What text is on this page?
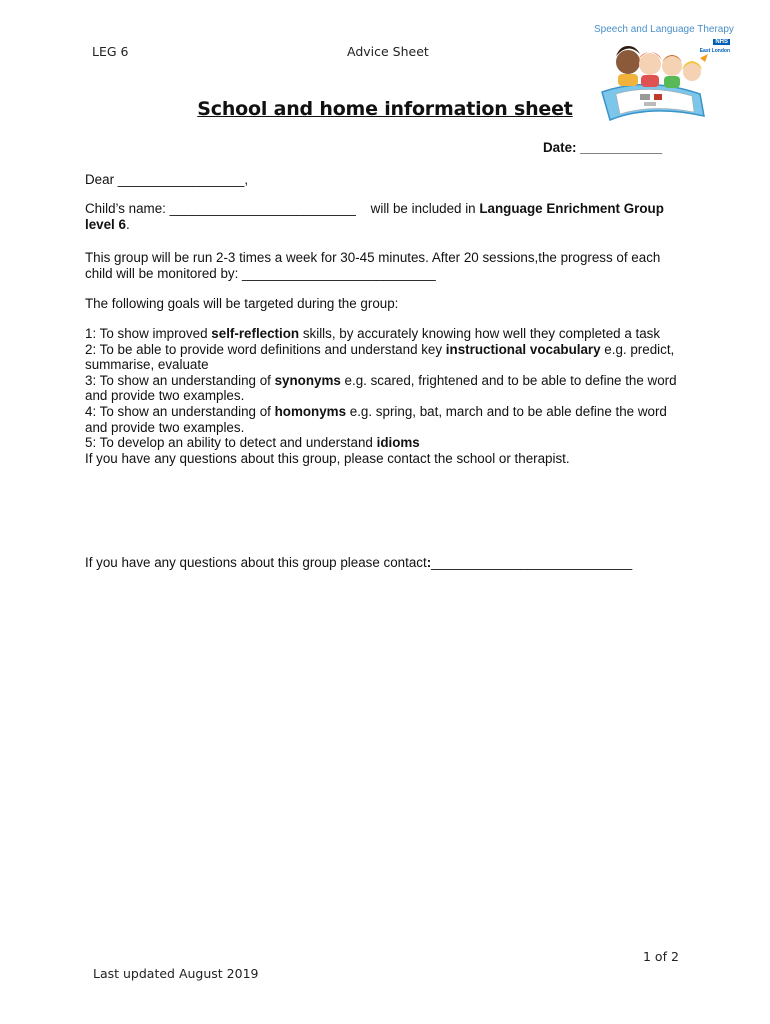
LEG 6	Advice Sheet
Speech and Language Therapy
NHS
East London
School and home information sheet
Date: ___________
Dear _________________,
Child’s name: _________________________ will be included in Language Enrichment Group level 6.
This group will be run 2-3 times a week for 30-45 minutes. After 20 sessions,the progress of each child will be monitored by: __________________________
The following goals will be targeted during the group:
1: To show improved self-reflection skills, by accurately knowing how well they completed a task
2: To be able to provide word definitions and understand key instructional vocabulary e.g. predict, summarise, evaluate
3: To show an understanding of synonyms e.g. scared, frightened and to be able to define the word and provide two examples.
4: To show an understanding of homonyms e.g. spring, bat, march and to be able define the word and provide two examples.
5: To develop an ability to detect and understand idioms
If you have any questions about this group, please contact the school or therapist.
If you have any questions about this group please contact:___________________________
1 of 2
Last updated August 2019
